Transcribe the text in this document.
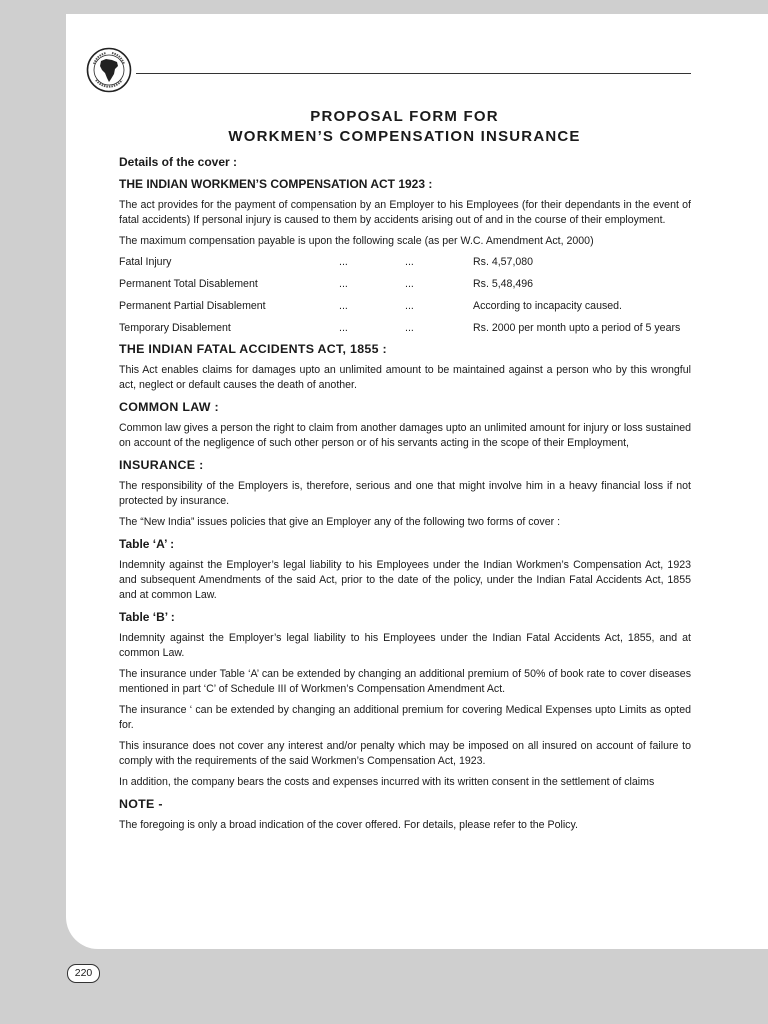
PROPOSAL FORM FOR
WORKMEN’S COMPENSATION INSURANCE
Details of the cover :
THE INDIAN WORKMEN’S COMPENSATION ACT 1923 :

The act provides for the payment of compensation by an Employer to his Employees (for their dependants in the event of fatal accidents) If personal injury is caused to them by accidents arising out of and in the course of their employment.

The maximum compensation payable is upon the following scale (as per W.C. Amendment Act, 2000)

Fatal Injury	...	...	Rs. 4,57,080
Permanent Total Disablement	...	...	Rs. 5,48,496
Permanent Partial Disablement	...	...	According to incapacity caused.
Temporary Disablement	...	...	Rs. 2000 per month upto a period of 5 years
THE INDIAN FATAL ACCIDENTS ACT, 1855 :

This Act enables claims for damages upto an unlimited amount to be maintained against a person who by this wrongful act, neglect or default causes the death of another.

COMMON LAW :

Common law gives a person the right to claim from another damages upto an unlimited amount for injury or loss sustained on account of the negligence of such other person or of his servants acting in the scope of their Employment,

INSURANCE :

The responsibility of the Employers is, therefore, serious and one that might involve him in a heavy financial loss if not protected by insurance.

The “New India” issues policies that give an Employer any of the following two forms of cover :

Table ‘A’ :

Indemnity against the Employer’s legal liability to his Employees under the Indian Workmen’s Compensation Act, 1923 and subsequent Amendments of the said Act, prior to the date of the policy, under the Indian Fatal Accidents Act, 1855 and at common Law.

Table ‘B’ :

Indemnity against the Employer’s legal liability to his Employees under the Indian Fatal Accidents Act, 1855, and at common Law.

The insurance under Table ‘A’ can be extended by changing an additional premium of 50% of book rate to cover diseases mentioned in part ‘C’ of Schedule III of Workmen’s Compensation Amendment Act.

The insurance ‘ can be extended by changing an additional premium for covering Medical Expenses upto Limits as opted for.

This insurance does not cover any interest and/or penalty which may be imposed on all insured on account of failure to comply with the requirements of the said Workmen’s Compensation Act, 1923.

In addition, the company bears the costs and expenses incurred with its written consent in the settlement of claims

NOTE -

The foregoing is only a broad indication of the cover offered. For details, please refer to the Policy.

220
